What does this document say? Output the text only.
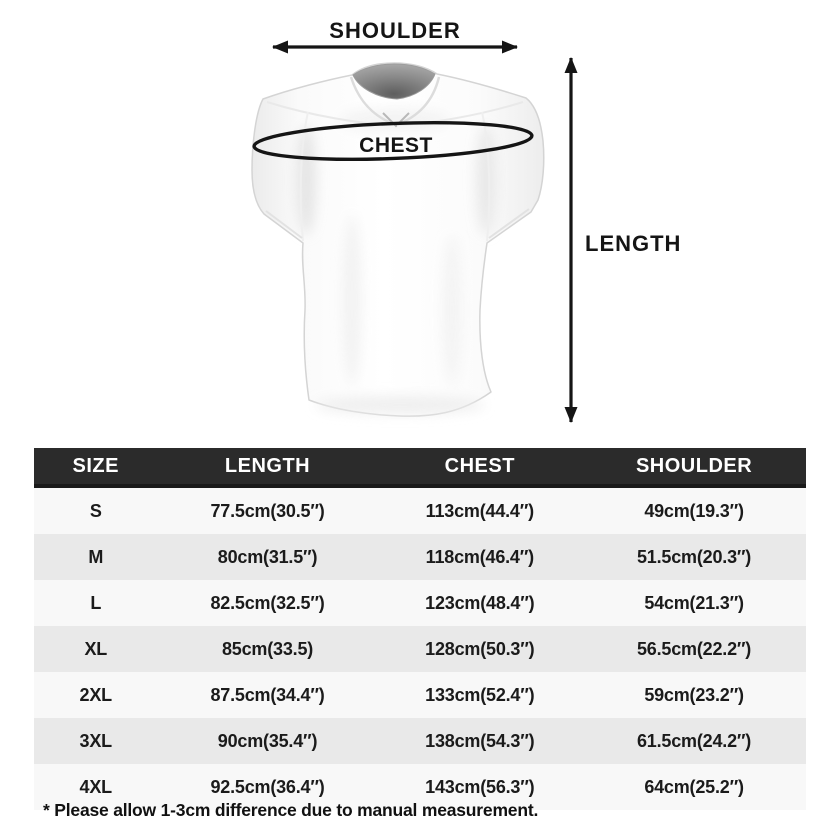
SHOULDER
CHEST
LENGTH
SIZE	LENGTH	CHEST	SHOULDER
S	77.5cm(30.5″)	113cm(44.4″)	49cm(19.3″)
M	80cm(31.5″)	118cm(46.4″)	51.5cm(20.3″)
L	82.5cm(32.5″)	123cm(48.4″)	54cm(21.3″)
XL	85cm(33.5)	128cm(50.3″)	56.5cm(22.2″)
2XL	87.5cm(34.4″)	133cm(52.4″)	59cm(23.2″)
3XL	90cm(35.4″)	138cm(54.3″)	61.5cm(24.2″)
4XL	92.5cm(36.4″)	143cm(56.3″)	64cm(25.2″)
* Please allow 1-3cm difference due to manual measurement.
